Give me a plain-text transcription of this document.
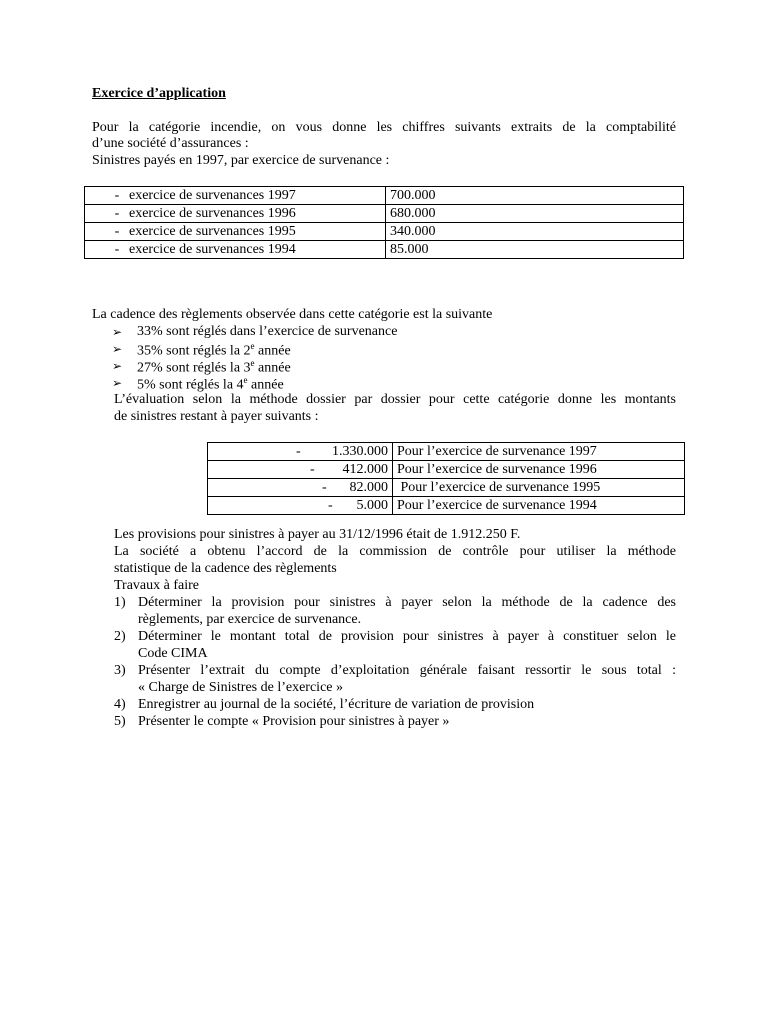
Exercice d’application
Pour la catégorie incendie, on vous donne les chiffres suivants extraits de la comptabilité
d’une société d’assurances :
Sinistres payés en 1997, par exercice de survenance :
- exercice de survenances 1997	700.000
- exercice de survenances 1996	680.000
- exercice de survenances 1995	340.000
- exercice de survenances 1994	85.000
La cadence des règlements observée dans cette catégorie est la suivante
➢ 33% sont réglés dans l’exercice de survenance
➢ 35% sont réglés la 2e année
➢ 27% sont réglés la 3e année
➢ 5% sont réglés la 4e année
L’évaluation selon la méthode dossier par dossier pour cette catégorie donne les montants
de sinistres restant à payer suivants :
- 1.330.000	Pour l’exercice de survenance 1997

- 412.000	Pour l’exercice de survenance 1996

- 82.000	Pour l’exercice de survenance 1995

- 5.000	Pour l’exercice de survenance 1994
Les provisions pour sinistres à payer au 31/12/1996 était de 1.912.250 F.
La société a obtenu l’accord de la commission de contrôle pour utiliser la méthode
statistique de la cadence des règlements
Travaux à faire
1) Déterminer la provision pour sinistres à payer selon la méthode de la cadence des
règlements, par exercice de survenance.
2) Déterminer le montant total de provision pour sinistres à payer à constituer selon le
Code CIMA
3) Présenter l’extrait du compte d’exploitation générale faisant ressortir le sous total :
« Charge de Sinistres de l’exercice »
4) Enregistrer au journal de la société, l’écriture de variation de provision
5) Présenter le compte « Provision pour sinistres à payer »
